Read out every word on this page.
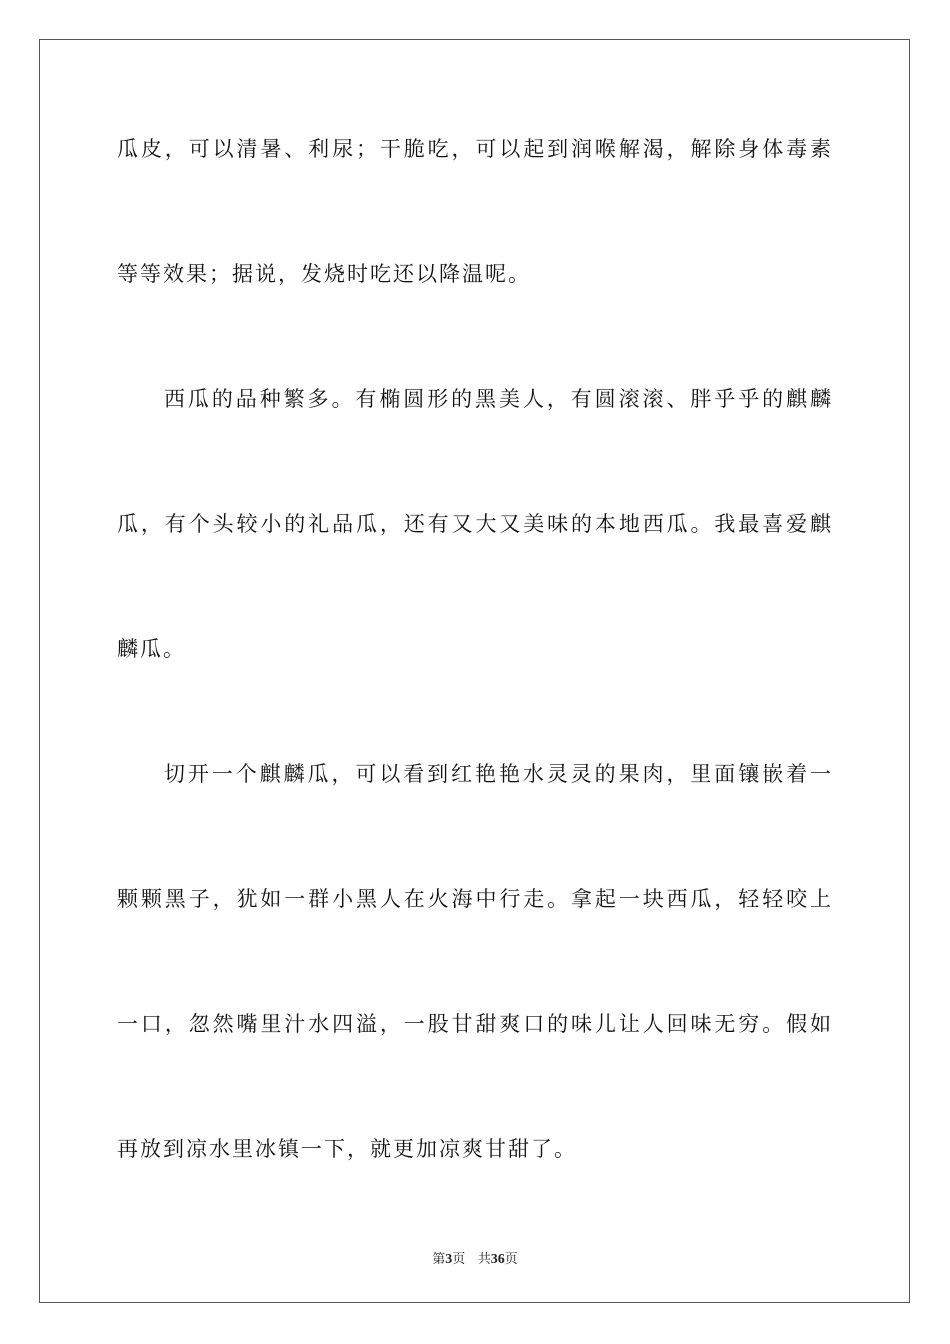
瓜皮，可以清暑、利尿；干脆吃，可以起到润喉解渴，解除身体毒素
等等效果；据说，发烧时吃还以降温呢。
西瓜的品种繁多。有椭圆形的黑美人，有圆滚滚、胖乎乎的麒麟
瓜，有个头较小的礼品瓜，还有又大又美味的本地西瓜。我最喜爱麒
麟瓜。
切开一个麒麟瓜，可以看到红艳艳水灵灵的果肉，里面镶嵌着一
颗颗黑子，犹如一群小黑人在火海中行走。拿起一块西瓜，轻轻咬上
一口，忽然嘴里汁水四溢，一股甘甜爽口的味儿让人回味无穷。假如
再放到凉水里冰镇一下，就更加凉爽甘甜了。
第3页 共36页
